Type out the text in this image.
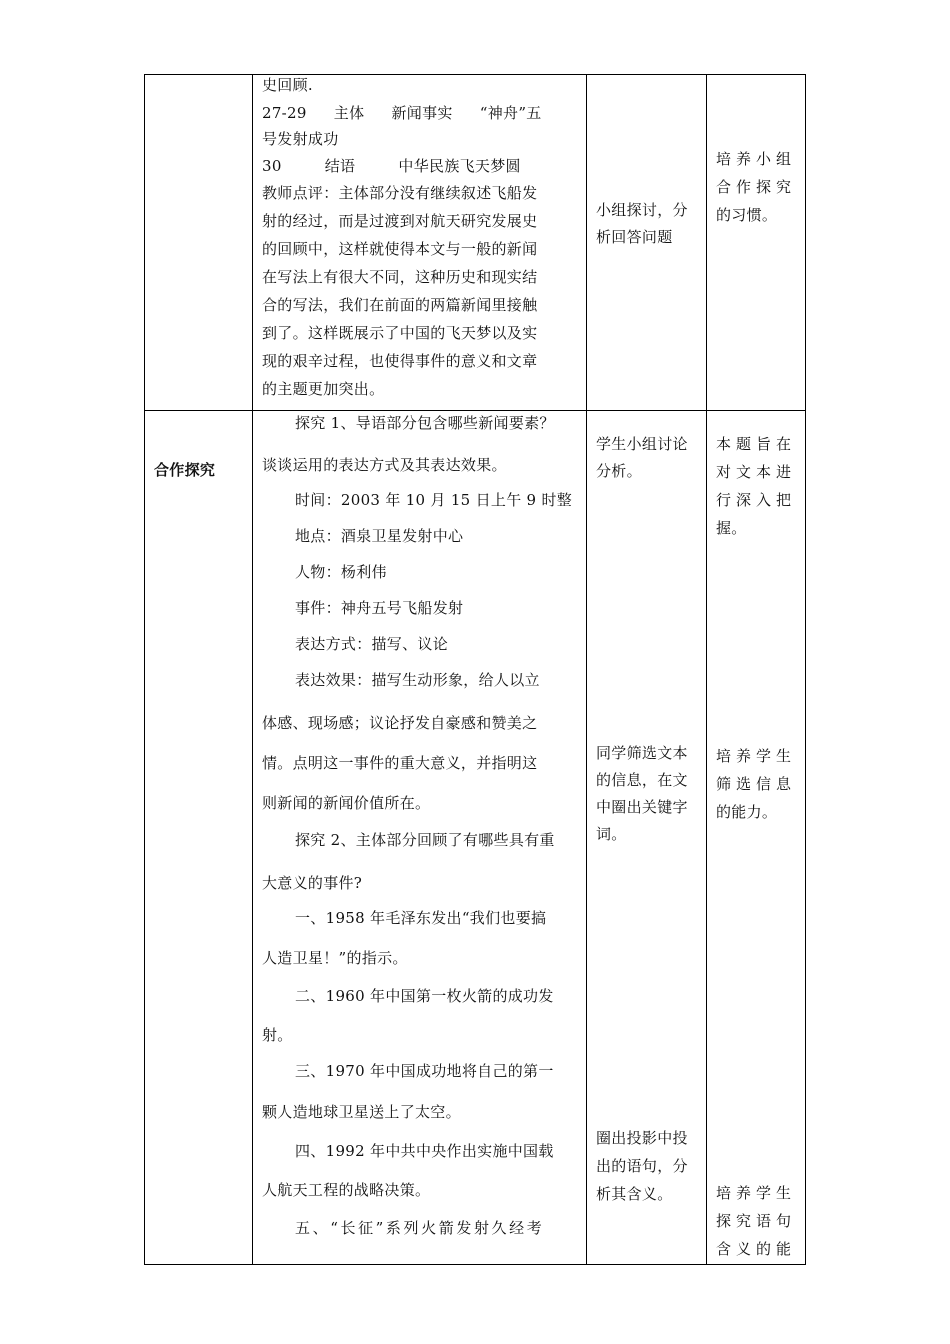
史回顾.
27-29 主体 新闻事实 “神舟”五
号发射成功
30 结语 中华民族飞天梦圆
教师点评：主体部分没有继续叙述飞船发
射的经过，而是过渡到对航天研究发展史
的回顾中，这样就使得本文与一般的新闻
在写法上有很大不同，这种历史和现实结
合的写法，我们在前面的两篇新闻里接触
到了。这样既展示了中国的飞天梦以及实
现的艰辛过程，也使得事件的意义和文章
的主题更加突出。
小组探讨，分
析回答问题
培养小组
合作探究
的习惯。
合作探究
探究 1、导语部分包含哪些新闻要素？
谈谈运用的表达方式及其表达效果。
时间：2003 年 10 月 15 日上午 9 时整
地点：酒泉卫星发射中心
人物：杨利伟
事件：神舟五号飞船发射
表达方式：描写、议论
表达效果：描写生动形象，给人以立
体感、现场感；议论抒发自豪感和赞美之
情。点明这一事件的重大意义，并指明这
则新闻的新闻价值所在。
探究 2、主体部分回顾了有哪些具有重
大意义的事件?
一、1958 年毛泽东发出“我们也要搞
人造卫星！”的指示。
二、1960 年中国第一枚火箭的成功发
射。
三、1970 年中国成功地将自己的第一
颗人造地球卫星送上了太空。
四、1992 年中共中央作出实施中国载
人航天工程的战略决策。
五、“长征”系列火箭发射久经考
学生小组讨论
分析。
同学筛选文本
的信息，在文
中圈出关键字
词。
圈出投影中投
出的语句，分
析其含义。
本题旨在
对文本进
行深入把
握。
培养学生
筛选信息
的能力。
培养学生
探究语句
含义的能
